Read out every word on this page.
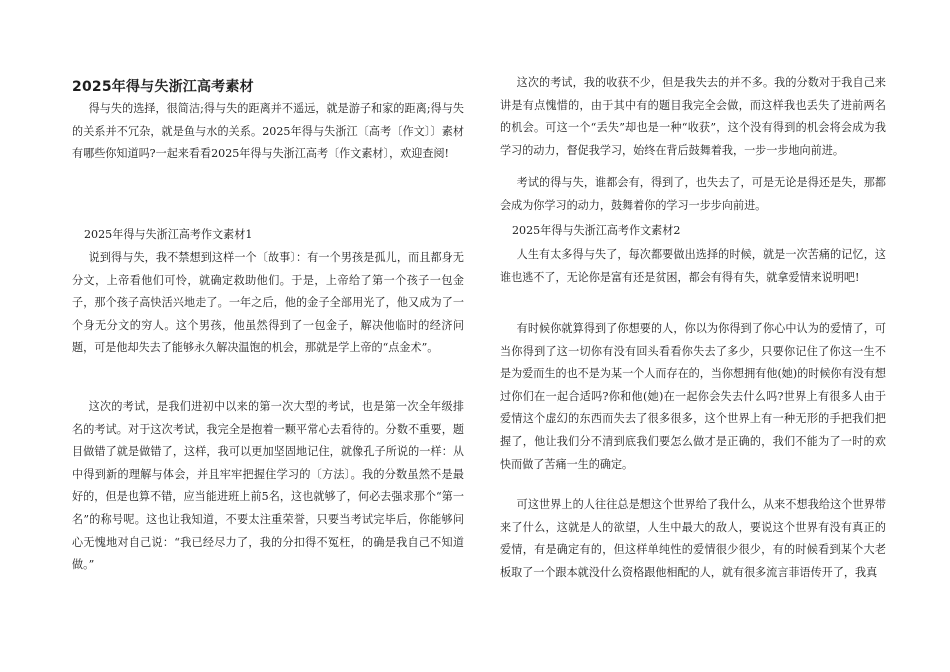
2025年得与失浙江高考素材

得与失的选择，很简洁;得与失的距离并不遥远，就是游子和家的距离;得与失的关系并不冗杂，就是鱼与水的关系。2025年得与失浙江〔高考〔作文〕〕素材有哪些你知道吗?一起来看看2025年得与失浙江高考〔作文素材〕，欢迎查阅!

2025年得与失浙江高考作文素材1

说到得与失，我不禁想到这样一个〔故事〕：有一个男孩是孤儿，而且都身无分文，上帝看他们可怜，就确定救助他们。于是，上帝给了第一个孩子一包金子，那个孩子高快活兴地走了。一年之后，他的金子全部用光了，他又成为了一个身无分文的穷人。这个男孩，他虽然得到了一包金子，解决他临时的经济问题，可是他却失去了能够永久解决温饱的机会，那就是学上帝的“点金术”。

这次的考试，是我们进初中以来的第一次大型的考试，也是第一次全年级排名的考试。对于这次考试，我完全是抱着一颗平常心去看待的。分数不重要，题目做错了就是做错了，这样，我可以更加坚固地记住，就像孔子所说的一样：从中得到新的理解与体会，并且牢牢把握住学习的〔方法〕。我的分数虽然不是最好的，但是也算不错，应当能进班上前5名，这也就够了，何必去强求那个“第一名”的称号呢。这也让我知道，不要太注重荣誉，只要当考试完毕后，你能够问心无愧地对自己说：“我已经尽力了，我的分扣得不冤枉，的确是我自己不知道做。”

这次的考试，我的收获不少，但是我失去的并不多。我的分数对于我自己来讲是有点愧惜的，由于其中有的题目我完全会做，而这样我也丢失了进前两名的机会。可这一个“丢失”却也是一种“收获”，这个没有得到的机会将会成为我学习的动力，督促我学习，始终在背后鼓舞着我，一步一步地向前进。

考试的得与失，谁都会有，得到了，也失去了，可是无论是得还是失，那都会成为你学习的动力，鼓舞着你的学习一步步向前进。

2025年得与失浙江高考作文素材2

人生有太多得与失了，每次都要做出选择的时候，就是一次苦痛的记忆，这谁也逃不了，无论你是富有还是贫困，都会有得有失，就拿爱情来说明吧!

有时候你就算得到了你想要的人，你以为你得到了你心中认为的爱情了，可当你得到了这一切你有没有回头看看你失去了多少，只要你记住了你这一生不是为爱而生的也不是为某一个人而存在的，当你想拥有他(她)的时候你有没有想过你们在一起合适吗?你和他(她)在一起你会失去什么吗?世界上有很多人由于爱情这个虚幻的东西而失去了很多很多，这个世界上有一种无形的手把我们把握了，他让我们分不清到底我们要怎么做才是正确的，我们不能为了一时的欢快而做了苦痛一生的确定。

可这世界上的人往往总是想这个世界给了我什么，从来不想我给这个世界带来了什么，这就是人的欲望，人生中最大的敌人，要说这个世界有没有真正的爱情，有是确定有的，但这样单纯性的爱情很少很少，有的时候看到某个大老板取了一个跟本就没什么资格跟他相配的人，就有很多流言菲语传开了，我真
